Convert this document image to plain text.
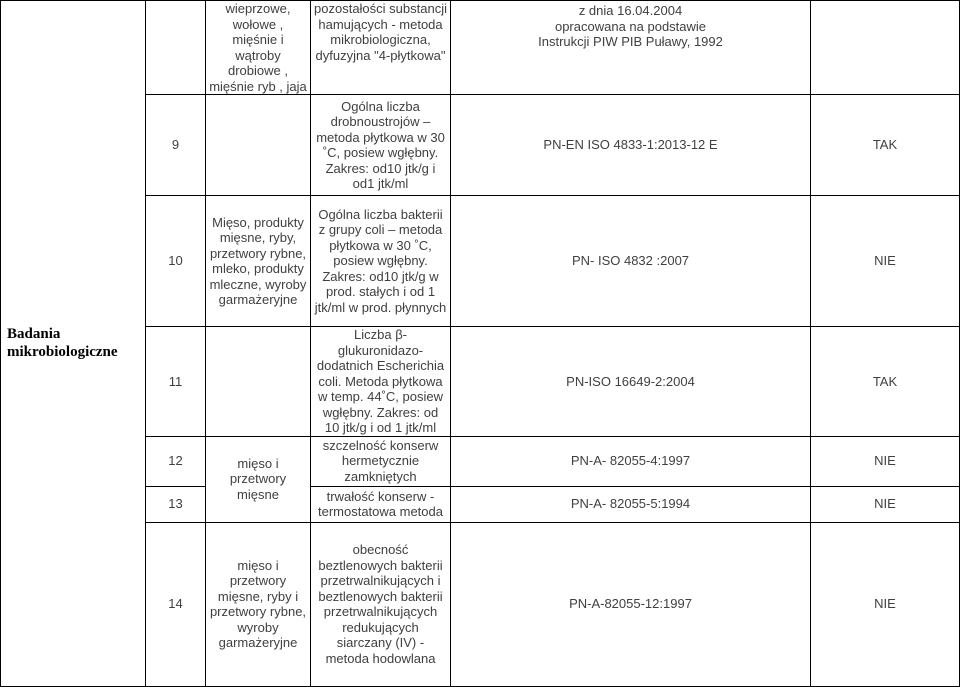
Badania mikrobiologiczne		wieprzowe, wołowe , mięśnie i wątroby drobiowe , mięśnie ryb , jaja	pozostałości substancji hamujących - metoda mikrobiologiczna, dyfuzyjna "4-płytkowa"	z dnia 16.04.2004
opracowana na podstawie
Instrukcji PIW PIB Puławy, 1992	

	9		Ogólna liczba drobnoustrojów – metoda płytkowa w 30 ˚C, posiew wgłębny. Zakres: od10 jtk/g i od1 jtk/ml	PN-EN ISO 4833-1:2013-12 E	TAK
	10	Mięso, produkty mięsne, ryby, przetwory rybne, mleko, produkty mleczne, wyroby garmażeryjne	Ogólna liczba bakterii z grupy coli – metoda płytkowa w 30 ˚C, posiew wgłębny. Zakres: od10 jtk/g w prod. stałych i od 1 jtk/ml w prod. płynnych	PN- ISO 4832 :2007	NIE
	11		Liczba β-glukuronidazo-dodatnich Escherichia coli. Metoda płytkowa w temp. 44˚C, posiew wgłębny. Zakres: od 10 jtk/g i od 1 jtk/ml	PN-ISO 16649-2:2004	TAK
	12	mięso i przetwory mięsne	szczelność konserw hermetycznie zamkniętych	PN-A- 82055-4:1997	NIE
	13		trwałość konserw - termostatowa metoda	PN-A- 82055-5:1994	NIE
	14	mięso i przetwory mięsne, ryby i przetwory rybne, wyroby garmażeryjne	obecność beztlenowych bakterii przetrwalnikujących i beztlenowych bakterii przetrwalnikujących redukujących siarczany (IV) - metoda hodowlana	PN-A-82055-12:1997	NIE
